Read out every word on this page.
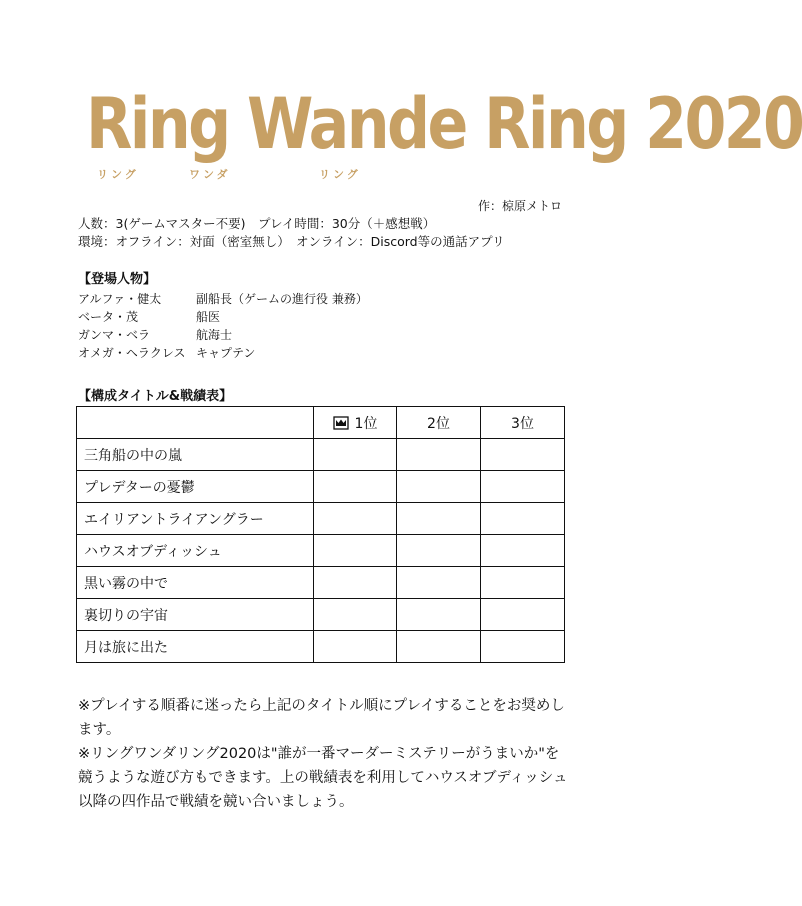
Ring Wande Ring 2020
リング	ワンダ	リング
作：椋原メトロ
人数：3(ゲームマスター不要)　プレイ時間：30分（＋感想戦）
環境：オフライン：対面（密室無し）　オンライン：Discord等の通話アプリ
【登場人物】
アルファ・健太	副船長（ゲームの進行役 兼務）
ベータ・茂	船医
ガンマ・ベラ	航海士
オメガ・ヘラクレス キャプテン
【構成タイトル&戦績表】
	1位	2位	3位
三角船の中の嵐			
プレデターの憂鬱			
エイリアントライアングラー			
ハウスオブディッシュ			
黒い霧の中で			
裏切りの宇宙			
月は旅に出た			

※プレイする順番に迷ったら上記のタイトル順にプレイすることをお奨めします。

※リングワンダリング2020は"誰が一番マーダーミステリーがうまいか"を競うような遊び方もできます。上の戦績表を利用してハウスオブディッシュ以降の四作品で戦績を競い合いましょう。
